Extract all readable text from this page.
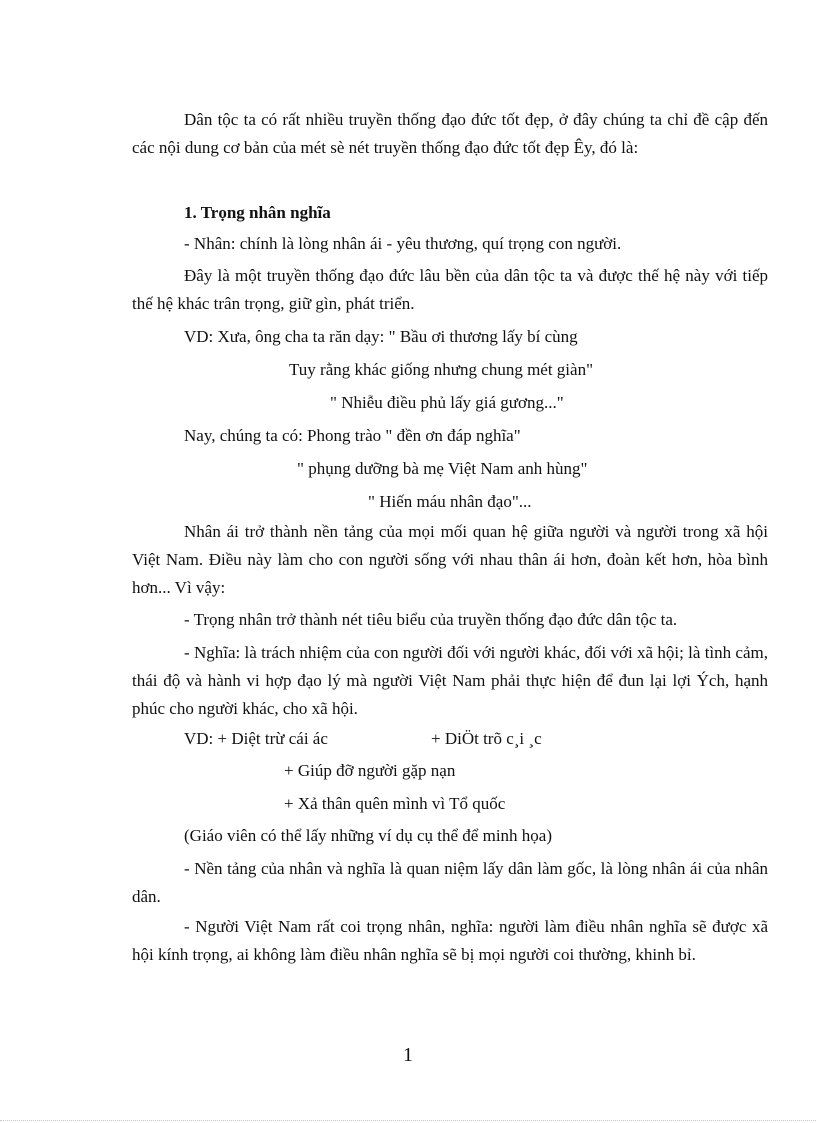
Dân tộc ta có rất nhiều truyền thống đạo đức tốt đẹp, ở đây chúng ta chỉ đề cập đến các nội dung cơ bản của mét sè nét truyền thống đạo đức tốt đẹp Êy, đó là:
1. Trọng nhân nghĩa
- Nhân: chính là lòng nhân ái - yêu thương, quí trọng con người.
Đây là một truyền thống đạo đức lâu bền của dân tộc ta và được thế hệ này với tiếp thế hệ khác trân trọng, giữ gìn, phát triển.
VD: Xưa, ông cha ta răn dạy: " Bầu ơi thương lấy bí cùng
Tuy rằng khác giống nhưng chung mét giàn"
" Nhiễu điều phủ lấy giá gương..."
Nay, chúng ta có: Phong trào " đền ơn đáp nghĩa"
" phụng dưỡng bà mẹ Việt Nam anh hùng"
" Hiến máu nhân đạo"...
Nhân ái trở thành nền tảng của mọi mối quan hệ giữa người và người trong xã hội Việt Nam. Điều này làm cho con người sống với nhau thân ái hơn, đoàn kết hơn, hòa bình hơn... Vì vậy:
- Trọng nhân trở thành nét tiêu biểu của truyền thống đạo đức dân tộc ta.
- Nghĩa: là trách nhiệm của con người đối với người khác, đối với xã hội; là tình cảm, thái độ và hành vi hợp đạo lý mà người Việt Nam phải thực hiện để đun lại lợi Ých, hạnh phúc cho người khác, cho xã hội.
VD: + Diệt trừ cái ác	+ DiÖt trõ c¸i ¸c
+ Giúp đỡ người gặp nạn
+ Xả thân quên mình vì Tổ quốc
(Giáo viên có thể lấy những ví dụ cụ thể để minh họa)
- Nền tảng của nhân và nghĩa là quan niệm lấy dân làm gốc, là lòng nhân ái của nhân dân.
- Người Việt Nam rất coi trọng nhân, nghĩa: người làm điều nhân nghĩa sẽ được xã hội kính trọng, ai không làm điều nhân nghĩa sẽ bị mọi người coi thường, khinh bỉ.
1
